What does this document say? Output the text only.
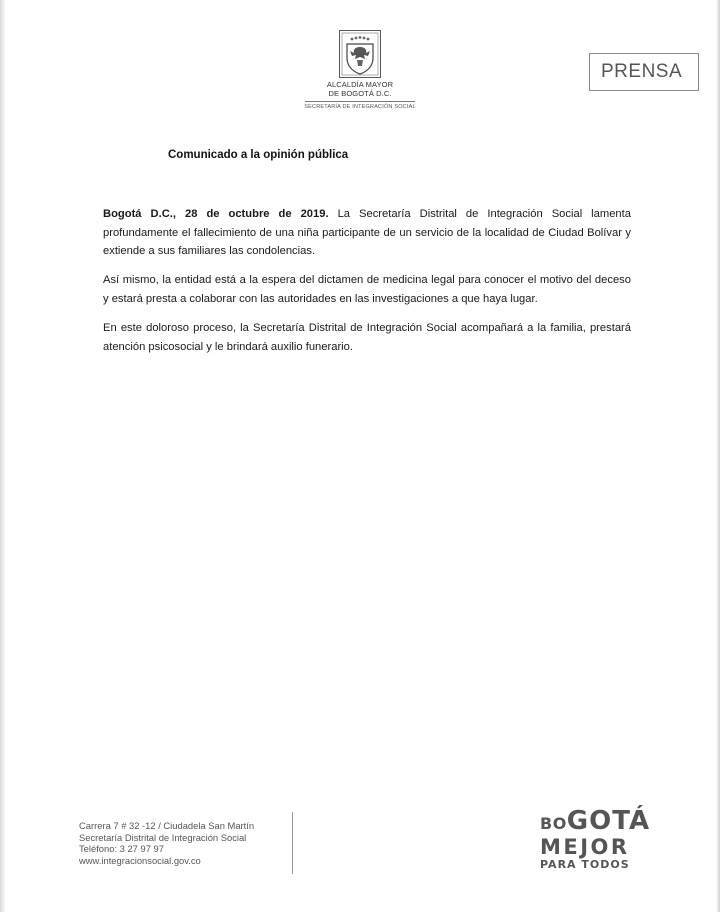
ALCALDÍA MAYOR
DE BOGOTÁ D.C.
SECRETARÍA DE INTEGRACIÓN SOCIAL
PRENSA
Comunicado a la opinión pública
Bogotá D.C., 28 de octubre de 2019. La Secretaría Distrital de Integración Social lamenta profundamente el fallecimiento de una niña participante de un servicio de la localidad de Ciudad Bolívar y extiende a sus familiares las condolencias.
Así mismo, la entidad está a la espera del dictamen de medicina legal para conocer el motivo del deceso y estará presta a colaborar con las autoridades en las investigaciones a que haya lugar.
En este doloroso proceso, la Secretaría Distrital de Integración Social acompañará a la familia, prestará atención psicosocial y le brindará auxilio funerario.
Carrera 7 # 32 -12 / Ciudadela San Martín
Secretaría Distrital de Integración Social
Teléfono: 3 27 97 97
www.integracionsocial.gov.co
BOGOTÁ
MEJOR
PARA TODOS
